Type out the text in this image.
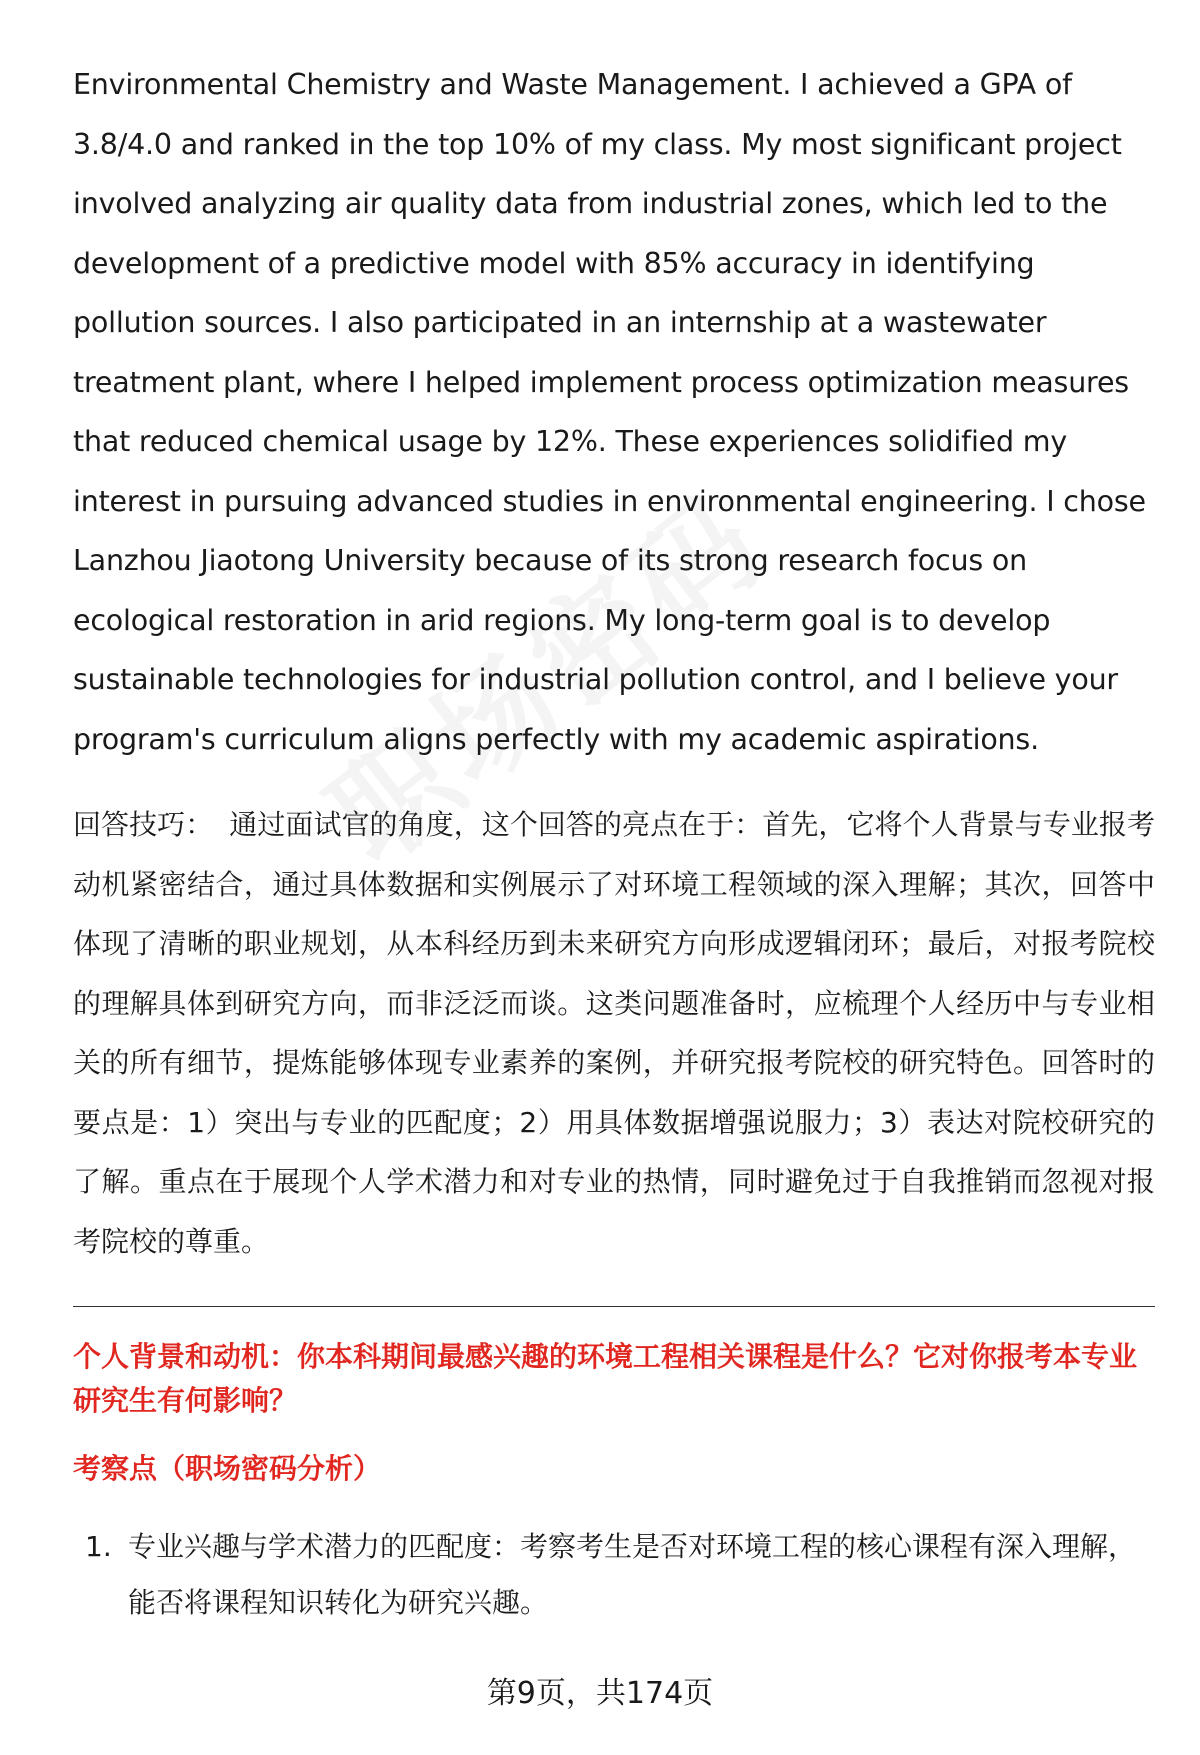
Environmental Chemistry and Waste Management. I achieved a GPA of 3.8/4.0 and ranked in the top 10% of my class. My most significant project involved analyzing air quality data from industrial zones, which led to the development of a predictive model with 85% accuracy in identifying pollution sources. I also participated in an internship at a wastewater treatment plant, where I helped implement process optimization measures that reduced chemical usage by 12%. These experiences solidified my interest in pursuing advanced studies in environmental engineering. I chose Lanzhou Jiaotong University because of its strong research focus on ecological restoration in arid regions. My long-term goal is to develop sustainable technologies for industrial pollution control, and I believe your program's curriculum aligns perfectly with my academic aspirations.

回答技巧： 通过面试官的角度，这个回答的亮点在于：首先，它将个人背景与专业报考动机紧密结合，通过具体数据和实例展示了对环境工程领域的深入理解；其次，回答中体现了清晰的职业规划，从本科经历到未来研究方向形成逻辑闭环；最后，对报考院校的理解具体到研究方向，而非泛泛而谈。这类问题准备时，应梳理个人经历中与专业相关的所有细节，提炼能够体现专业素养的案例，并研究报考院校的研究特色。回答时的要点是：1）突出与专业的匹配度；2）用具体数据增强说服力；3）表达对院校研究的了解。重点在于展现个人学术潜力和对专业的热情，同时避免过于自我推销而忽视对报考院校的尊重。

个人背景和动机：你本科期间最感兴趣的环境工程相关课程是什么？它对你报考本专业研究生有何影响？
考察点（职场密码分析）
1. 专业兴趣与学术潜力的匹配度：考察考生是否对环境工程的核心课程有深入理解，能否将课程知识转化为研究兴趣。
第9页，共174页
